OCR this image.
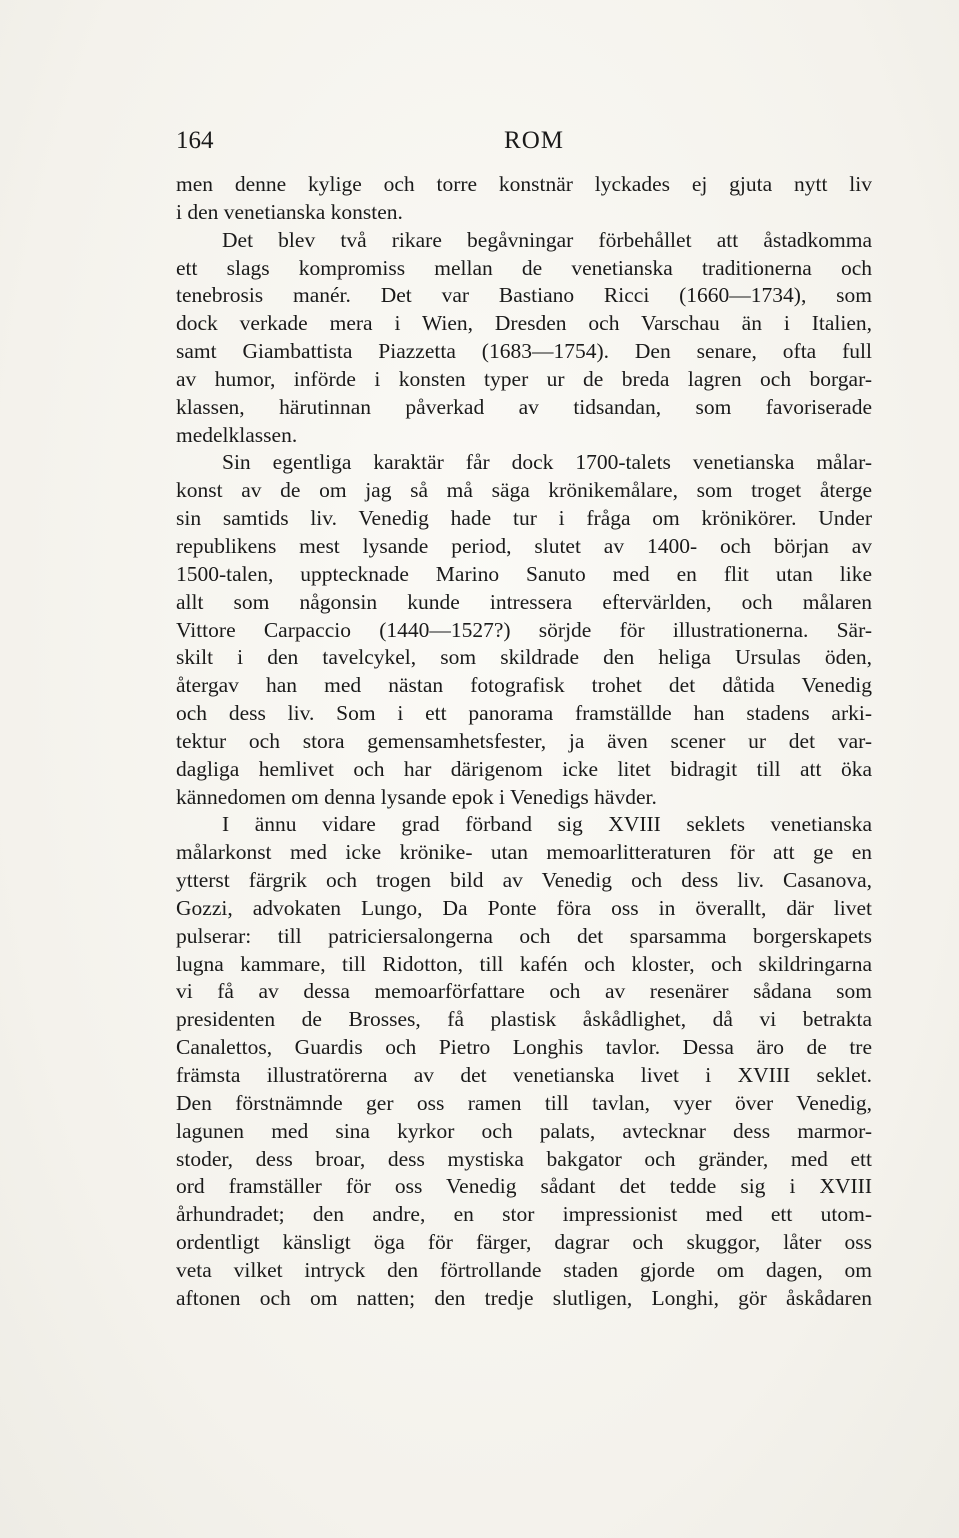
164	ROM
men denne kylige och torre konstnär lyckades ej gjuta nytt liv
i den venetianska konsten.
Det blev två rikare begåvningar förbehållet att åstadkomma
ett slags kompromiss mellan de venetianska traditionerna och
tenebrosis manér. Det var Bastiano Ricci (1660—1734), som
dock verkade mera i Wien, Dresden och Varschau än i Italien,
samt Giambattista Piazzetta (1683—1754). Den senare, ofta full
av humor, införde i konsten typer ur de breda lagren och borgar-
klassen, härutinnan påverkad av tidsandan, som favoriserade
medelklassen.
Sin egentliga karaktär får dock 1700-talets venetianska målar-
konst av de om jag så må säga krönikemålare, som troget återge
sin samtids liv. Venedig hade tur i fråga om krönikörer. Under
republikens mest lysande period, slutet av 1400- och början av
1500-talen, upptecknade Marino Sanuto med en flit utan like
allt som någonsin kunde intressera eftervärlden, och målaren
Vittore Carpaccio (1440—1527?) sörjde för illustrationerna. Sär-
skilt i den tavelcykel, som skildrade den heliga Ursulas öden,
återgav han med nästan fotografisk trohet det dåtida Venedig
och dess liv. Som i ett panorama framställde han stadens arki-
tektur och stora gemensamhetsfester, ja även scener ur det var-
dagliga hemlivet och har därigenom icke litet bidragit till att öka
kännedomen om denna lysande epok i Venedigs hävder.
I ännu vidare grad förband sig XVIII seklets venetianska
målarkonst med icke krönike- utan memoarlitteraturen för att ge en
ytterst färgrik och trogen bild av Venedig och dess liv. Casanova,
Gozzi, advokaten Lungo, Da Ponte föra oss in överallt, där livet
pulserar: till patriciersalongerna och det sparsamma borgerskapets
lugna kammare, till Ridotton, till kafén och kloster, och skildringarna
vi få av dessa memoarförfattare och av resenärer sådana som
presidenten de Brosses, få plastisk åskådlighet, då vi betrakta
Canalettos, Guardis och Pietro Longhis tavlor. Dessa äro de tre
främsta illustratörerna av det venetianska livet i XVIII seklet.
Den förstnämnde ger oss ramen till tavlan, vyer över Venedig,
lagunen med sina kyrkor och palats, avtecknar dess marmor-
stoder, dess broar, dess mystiska bakgator och gränder, med ett
ord framställer för oss Venedig sådant det tedde sig i XVIII
århundradet; den andre, en stor impressionist med ett utom-
ordentligt känsligt öga för färger, dagrar och skuggor, låter oss
veta vilket intryck den förtrollande staden gjorde om dagen, om
aftonen och om natten; den tredje slutligen, Longhi, gör åskådaren
